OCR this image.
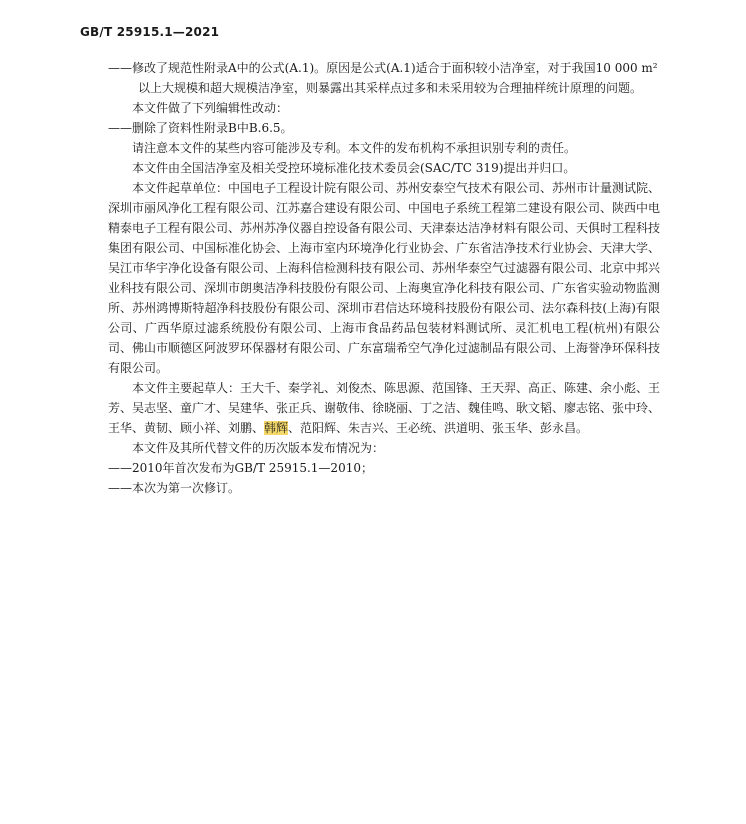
GB/T 25915.1—2021

——修改了规范性附录A中的公式(A.1)。原因是公式(A.1)适合于面积较小洁净室，对于我国10 000 m² 以上大规模和超大规模洁净室，则暴露出其采样点过多和未采用较为合理抽样统计原理的问题。

本文件做了下列编辑性改动：

——删除了资料性附录B中B.6.5。

请注意本文件的某些内容可能涉及专利。本文件的发布机构不承担识别专利的责任。

本文件由全国洁净室及相关受控环境标准化技术委员会(SAC/TC 319)提出并归口。

本文件起草单位：中国电子工程设计院有限公司、苏州安泰空气技术有限公司、苏州市计量测试院、深圳市丽风净化工程有限公司、江苏嘉合建设有限公司、中国电子系统工程第二建设有限公司、陕西中电精泰电子工程有限公司、苏州苏净仪器自控设备有限公司、天津泰达洁净材料有限公司、天俱时工程科技集团有限公司、中国标准化协会、上海市室内环境净化行业协会、广东省洁净技术行业协会、天津大学、吴江市华宇净化设备有限公司、上海科信检测科技有限公司、苏州华泰空气过滤器有限公司、北京中邦兴业科技有限公司、深圳市朗奥洁净科技股份有限公司、上海奥宣净化科技有限公司、广东省实验动物监测所、苏州鸿博斯特超净科技股份有限公司、深圳市君信达环境科技股份有限公司、法尔森科技(上海)有限公司、广西华原过滤系统股份有限公司、上海市食品药品包装材料测试所、灵汇机电工程(杭州)有限公司、佛山市顺德区阿波罗环保器材有限公司、广东富瑞希空气净化过滤制品有限公司、上海誉净环保科技有限公司。

本文件主要起草人：王大千、秦学礼、刘俊杰、陈思源、范国锋、王天羿、高正、陈建、余小彪、王芳、吴志坚、童广才、吴建华、张正兵、谢敬伟、徐晓丽、丁之洁、魏佳鸣、耿文韬、廖志铭、张中玲、王华、黄韧、顾小祥、刘鹏、韩辉、范阳辉、朱吉兴、王必统、洪道明、张玉华、彭永昌。

本文件及其所代替文件的历次版本发布情况为：

——2010年首次发布为GB/T 25915.1—2010；

——本次为第一次修订。
